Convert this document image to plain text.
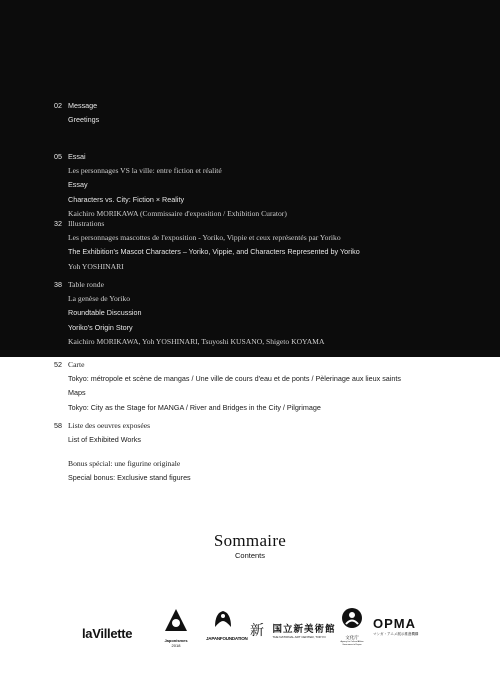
02 Message
Greetings
05 Essai
Les personnages VS la ville: entre fiction et réalité
Essay
Characters vs. City: Fiction × Reality
Kaichiro MORIKAWA (Commissaire d'exposition / Exhibition Curator)
32 Illustrations
Les personnages mascottes de l'exposition - Yoriko, Vippie et ceux représentés par Yoriko
The Exhibition's Mascot Characters – Yoriko, Vippie, and Characters Represented by Yoriko
Yoh YOSHINARI
38 Table ronde
La genèse de Yoriko
Roundtable Discussion
Yoriko's Origin Story
Kaichiro MORIKAWA, Yoh YOSHINARI, Tsuyoshi KUSANO, Shigeto KOYAMA
52 Carte
Tokyo: métropole et scène de mangas / Une ville de cours d'eau et de ponts / Pèlerinage aux lieux saints
Maps
Tokyo: City as the Stage for MANGA / River and Bridges in the City / Pilgrimage
58 Liste des oeuvres exposées
List of Exhibited Works
Bonus spécial: une figurine originale
Special bonus: Exclusive stand figures
Sommaire
Contents
laVillette	Japonismes
2018
JAPANFOUNDATION 新 国立新美術館
THE NATIONAL ART CENTER, TOKYO	文化庁
Agency for Cultural Affairs Government of Japan
OPMA
マンガ・アニメ展示推進機構
